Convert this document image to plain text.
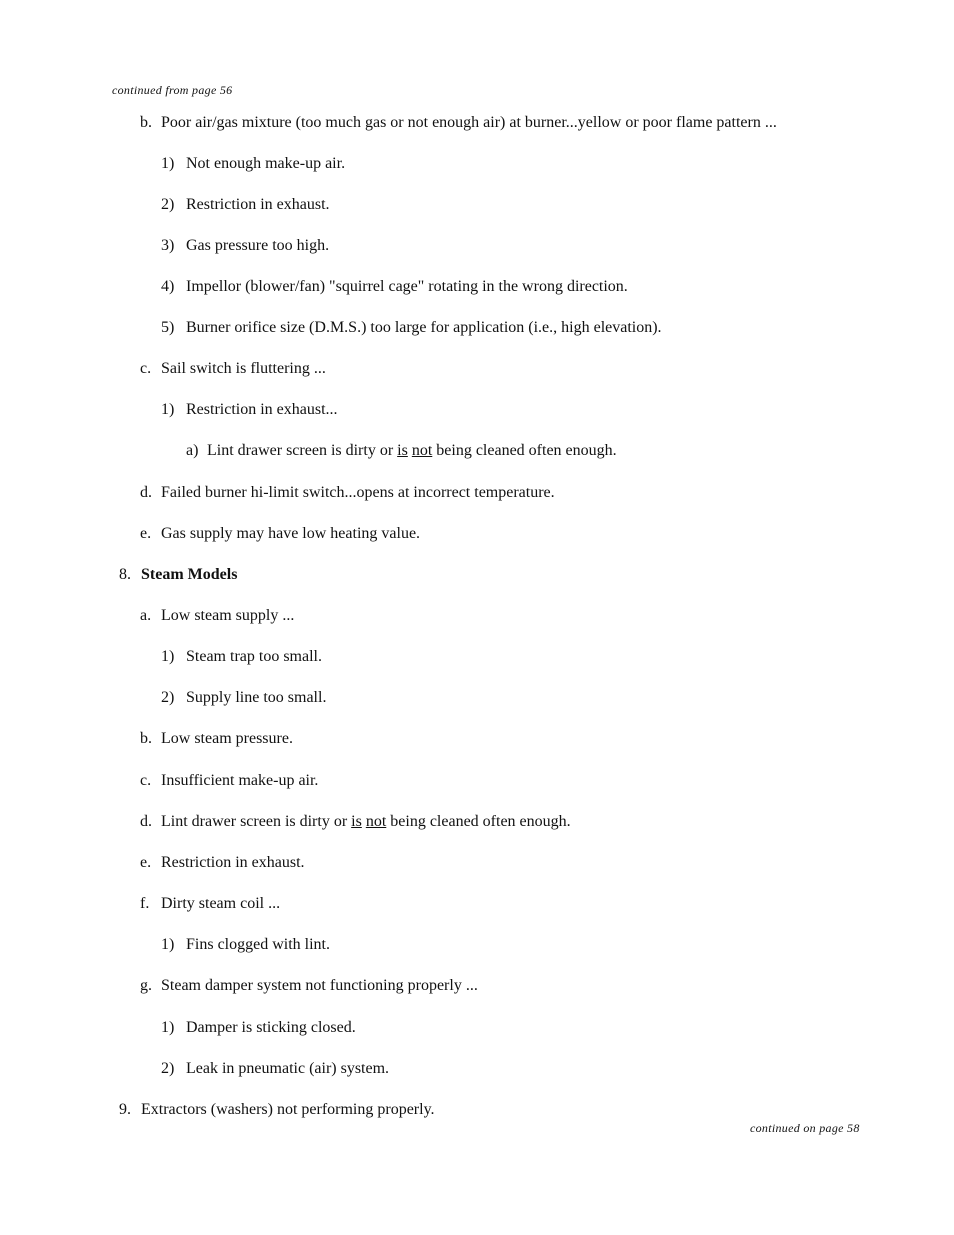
continued from page 56
b. Poor air/gas mixture (too much gas or not enough air) at burner...yellow or poor flame pattern ...
1) Not enough make-up air.
2) Restriction in exhaust.
3) Gas pressure too high.
4) Impellor (blower/fan) "squirrel cage" rotating in the wrong direction.
5) Burner orifice size (D.M.S.) too large for application (i.e., high elevation).
c. Sail switch is fluttering ...
1) Restriction in exhaust...
a) Lint drawer screen is dirty or is not being cleaned often enough.
d. Failed burner hi-limit switch...opens at incorrect temperature.
e. Gas supply may have low heating value.
8. Steam Models
a. Low steam supply ...
1) Steam trap too small.
2) Supply line too small.
b. Low steam pressure.
c. Insufficient make-up air.
d. Lint drawer screen is dirty or is not being cleaned often enough.
e. Restriction in exhaust.
f. Dirty steam coil ...
1) Fins clogged with lint.
g. Steam damper system not functioning properly ...
1) Damper is sticking closed.
2) Leak in pneumatic (air) system.
9. Extractors (washers) not performing properly.
continued on page 58
